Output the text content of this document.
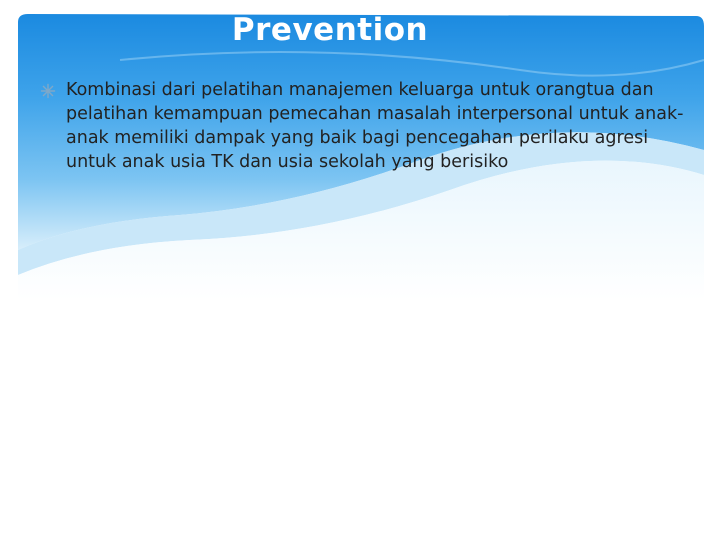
Prevention
Kombinasi dari pelatihan manajemen keluarga untuk orangtua dan pelatihan kemampuan pemecahan masalah interpersonal untuk anak-anak memiliki dampak yang baik bagi pencegahan perilaku agresi untuk anak usia TK dan usia sekolah yang berisiko
